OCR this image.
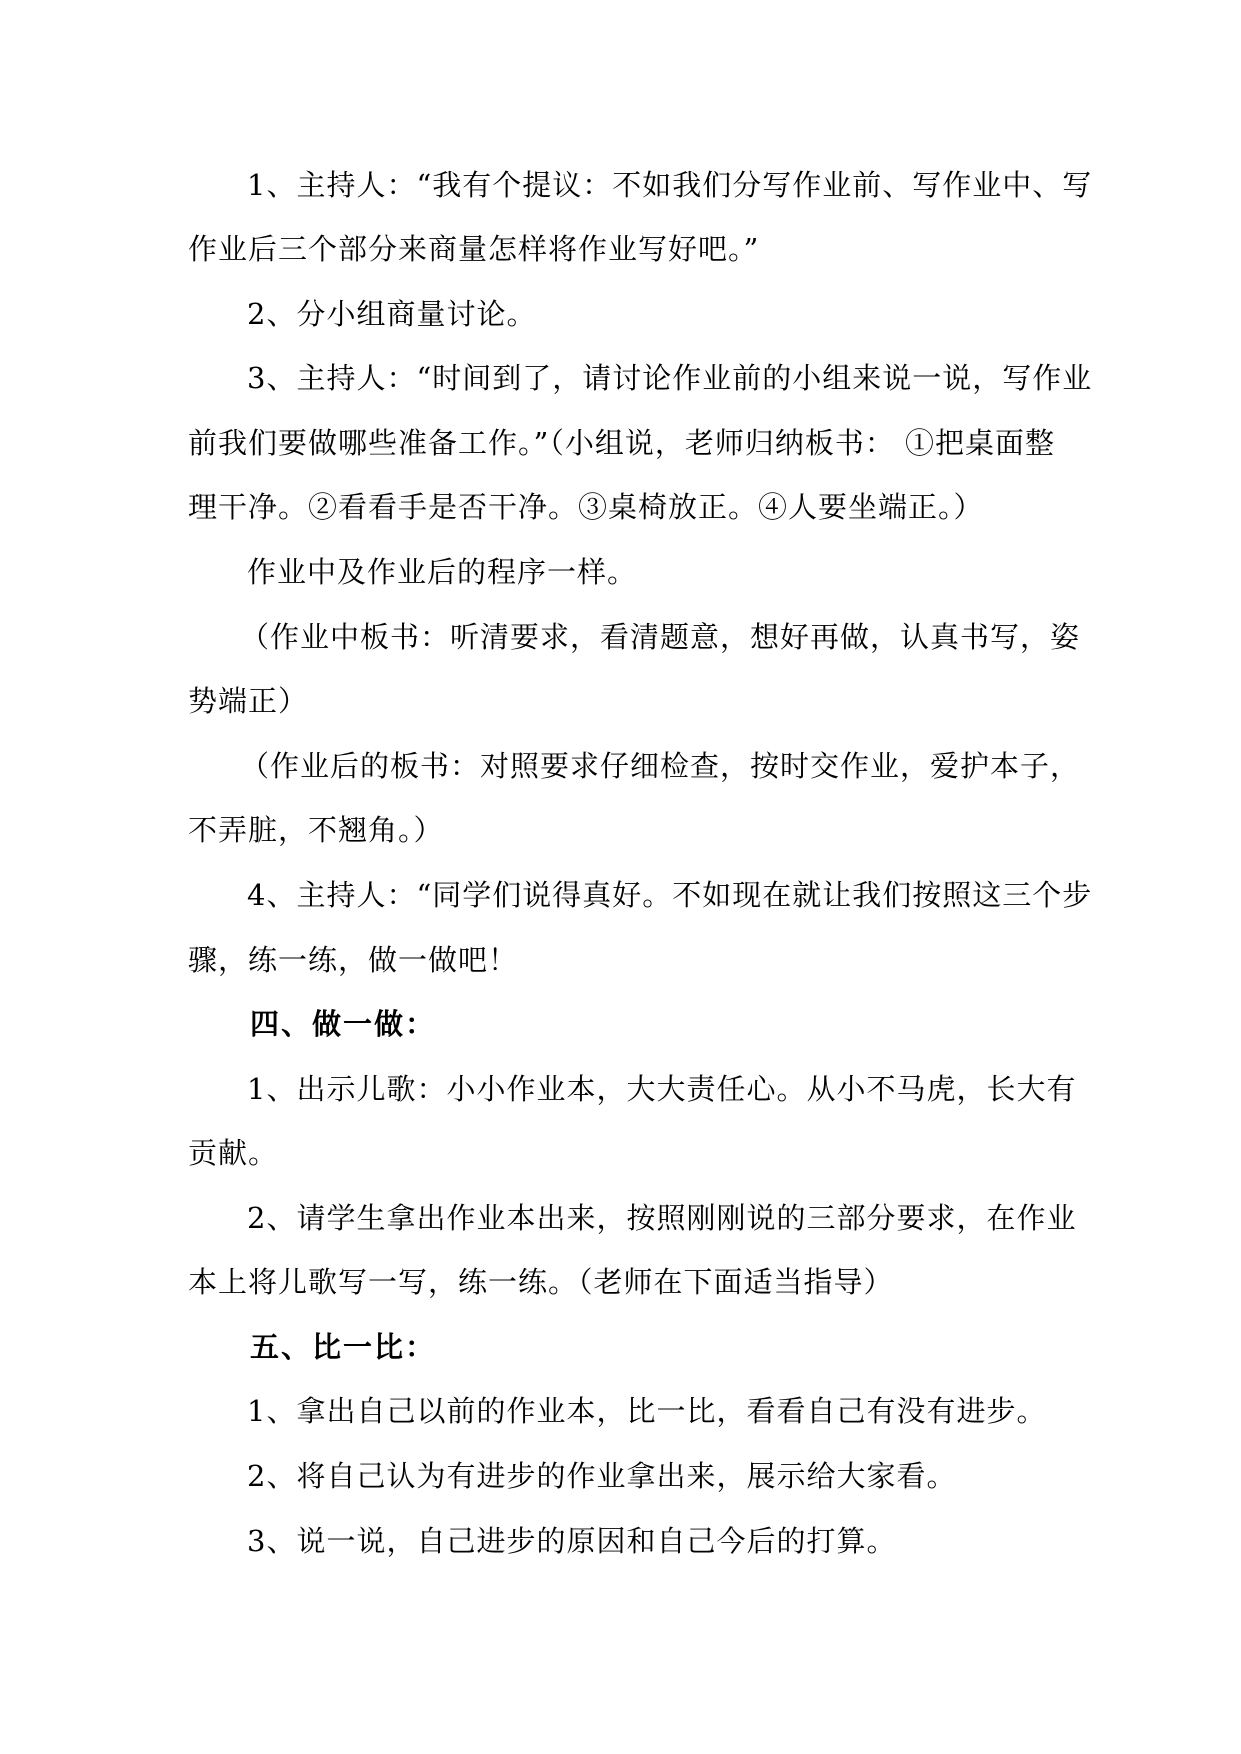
1、主持人：“我有个提议：不如我们分写作业前、写作业中、写
作业后三个部分来商量怎样将作业写好吧。”
2、分小组商量讨论。
3、主持人：“时间到了，请讨论作业前的小组来说一说，写作业
前我们要做哪些准备工作。”（小组说，老师归纳板书： ①把桌面整
理干净。②看看手是否干净。③桌椅放正。④人要坐端正。）
作业中及作业后的程序一样。
（作业中板书：听清要求，看清题意，想好再做，认真书写，姿
势端正）
（作业后的板书：对照要求仔细检查，按时交作业，爱护本子，
不弄脏，不翘角。）
4、主持人：“同学们说得真好。不如现在就让我们按照这三个步
骤，练一练，做一做吧！
四、做一做：
1、出示儿歌：小小作业本，大大责任心。从小不马虎，长大有
贡献。
2、请学生拿出作业本出来，按照刚刚说的三部分要求，在作业
本上将儿歌写一写，练一练。（老师在下面适当指导）
五、比一比：
1、拿出自己以前的作业本，比一比，看看自己有没有进步。
2、将自己认为有进步的作业拿出来，展示给大家看。
3、说一说，自己进步的原因和自己今后的打算。
